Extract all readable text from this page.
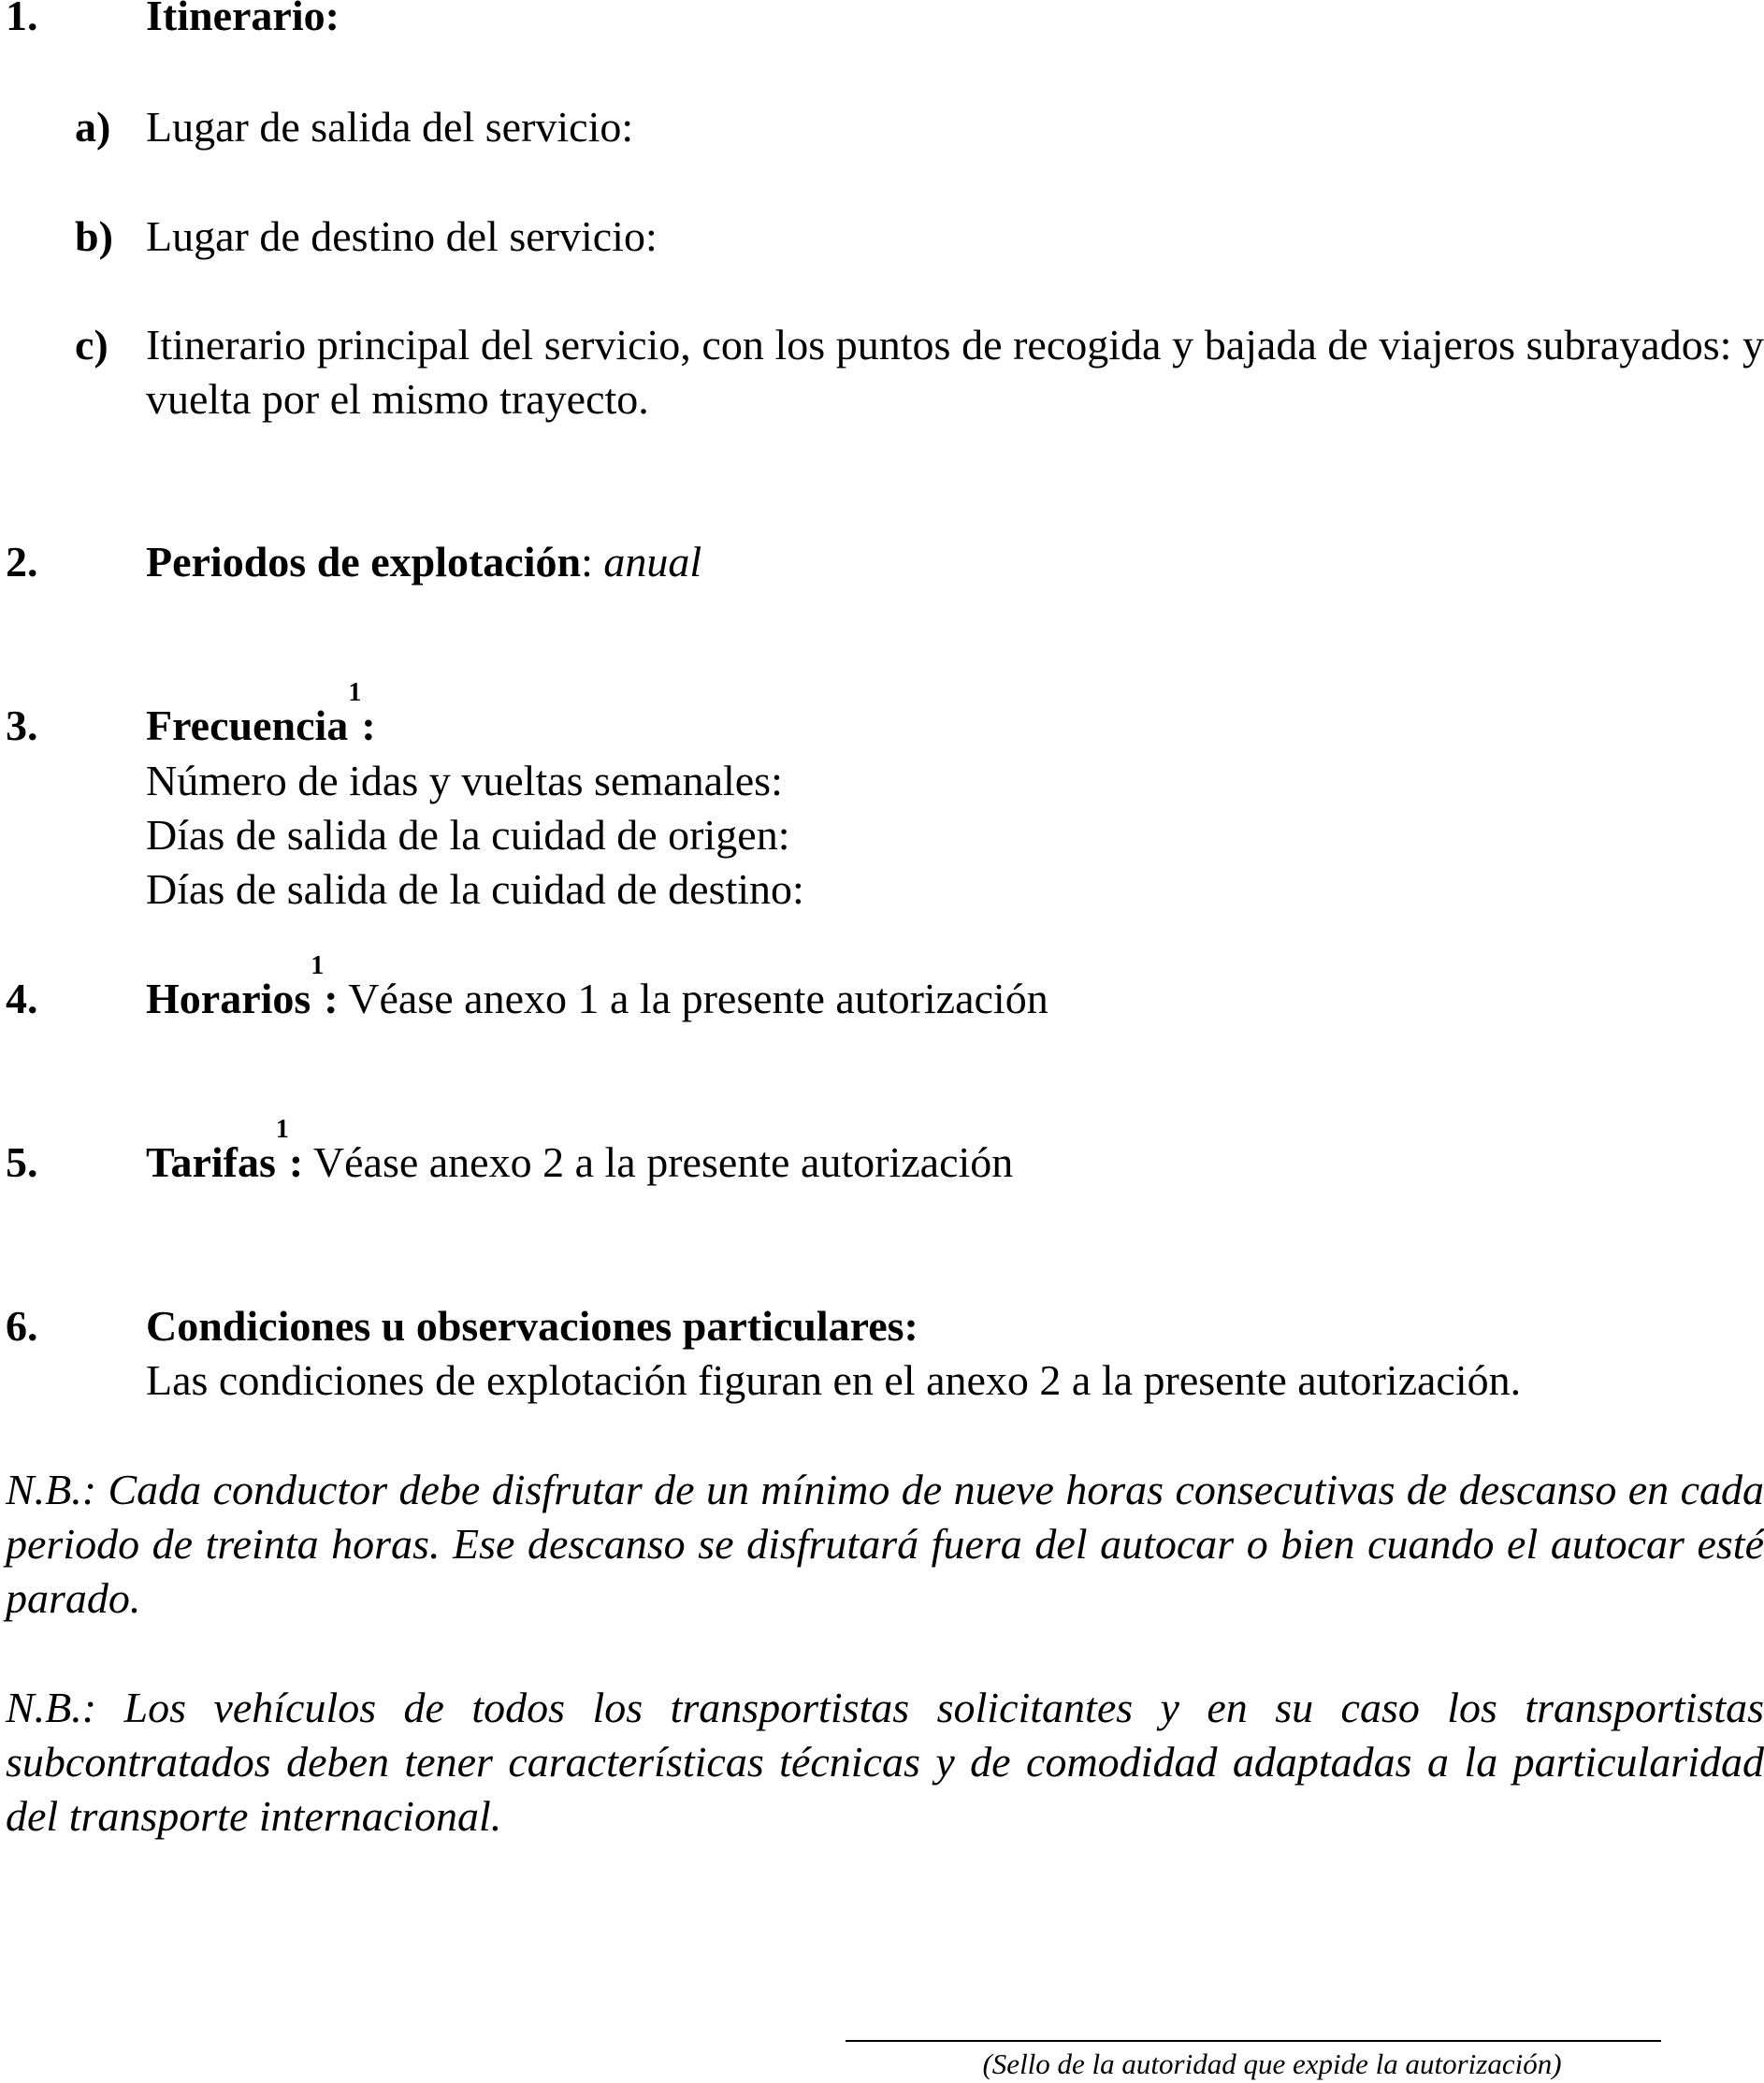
1.	Itinerario:
a) Lugar de salida del servicio:
b) Lugar de destino del servicio:
c) Itinerario principal del servicio, con los puntos de recogida y bajada de viajeros subrayados: y vuelta por el mismo trayecto.
2.	Periodos de explotación: anual
3.	Frecuencia$^1$:
Número de idas y vueltas semanales:
Días de salida de la cuidad de origen:
Días de salida de la cuidad de destino:
4.	Horarios$^1$: Véase anexo 1 a la presente autorización
5.	Tarifas$^1$: Véase anexo 2 a la presente autorización
6.	Condiciones u observaciones particulares:
Las condiciones de explotación figuran en el anexo 2 a la presente autorización.
N.B.: Cada conductor debe disfrutar de un mínimo de nueve horas consecutivas de descanso en cada periodo de treinta horas. Ese descanso se disfrutará fuera del autocar o bien cuando el autocar esté parado.
N.B.: Los vehículos de todos los transportistas solicitantes y en su caso los transportistas subcontratados deben tener características técnicas y de comodidad adaptadas a la particularidad del transporte internacional.
(Sello de la autoridad que expide la autorización)
